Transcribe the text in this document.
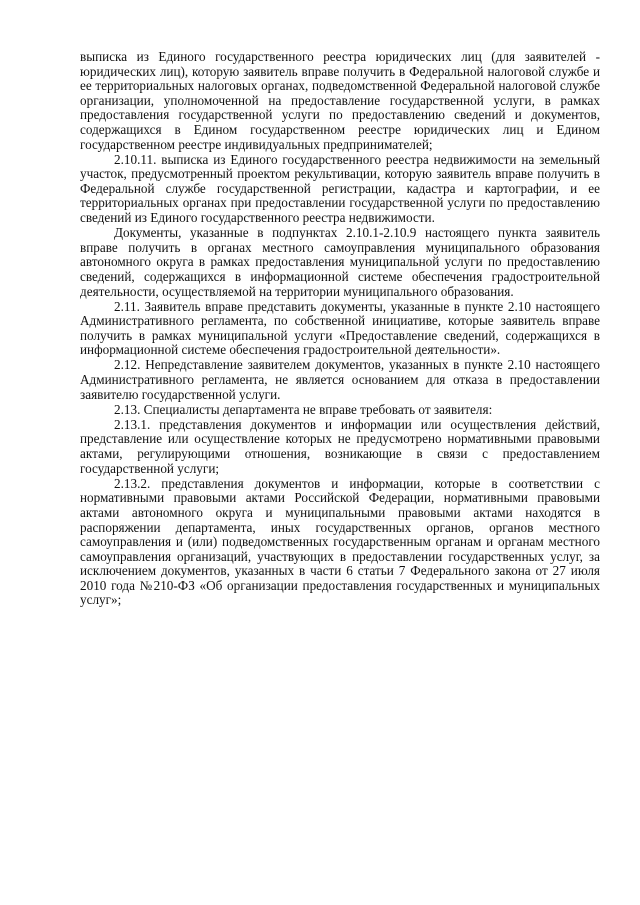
выписка из Единого государственного реестра юридических лиц (для заявителей - юридических лиц), которую заявитель вправе получить в Федеральной налоговой службе и ее территориальных налоговых органах, подведомственной Федеральной налоговой службе организации, уполномоченной на предоставление государственной услуги, в рамках предоставления государственной услуги по предоставлению сведений и документов, содержащихся в Едином государственном реестре юридических лиц и Едином государственном реестре индивидуальных предпринимателей;

2.10.11. выписка из Единого государственного реестра недвижимости на земельный участок, предусмотренный проектом рекультивации, которую заявитель вправе получить в Федеральной службе государственной регистрации, кадастра и картографии, и ее территориальных органах при предоставлении государственной услуги по предоставлению сведений из Единого государственного реестра недвижимости.

Документы, указанные в подпунктах 2.10.1-2.10.9 настоящего пункта заявитель вправе получить в органах местного самоуправления муниципального образования автономного округа в рамках предоставления муниципальной услуги по предоставлению сведений, содержащихся в информационной системе обеспечения градостроительной деятельности, осуществляемой на территории муниципального образования.

2.11. Заявитель вправе представить документы, указанные в пункте 2.10 настоящего Административного регламента, по собственной инициативе, которые заявитель вправе получить в рамках муниципальной услуги «Предоставление сведений, содержащихся в информационной системе обеспечения градостроительной деятельности».

2.12. Непредставление заявителем документов, указанных в пункте 2.10 настоящего Административного регламента, не является основанием для отказа в предоставлении заявителю государственной услуги.

2.13. Специалисты департамента не вправе требовать от заявителя:

2.13.1. представления документов и информации или осуществления действий, представление или осуществление которых не предусмотрено нормативными правовыми актами, регулирующими отношения, возникающие в связи с предоставлением государственной услуги;

2.13.2. представления документов и информации, которые в соответствии с нормативными правовыми актами Российской Федерации, нормативными правовыми актами автономного округа и муниципальными правовыми актами находятся в распоряжении департамента, иных государственных органов, органов местного самоуправления и (или) подведомственных государственным органам и органам местного самоуправления организаций, участвующих в предоставлении государственных услуг, за исключением документов, указанных в части 6 статьи 7 Федерального закона от 27 июля 2010 года №210-ФЗ «Об организации предоставления государственных и муниципальных услуг»;
